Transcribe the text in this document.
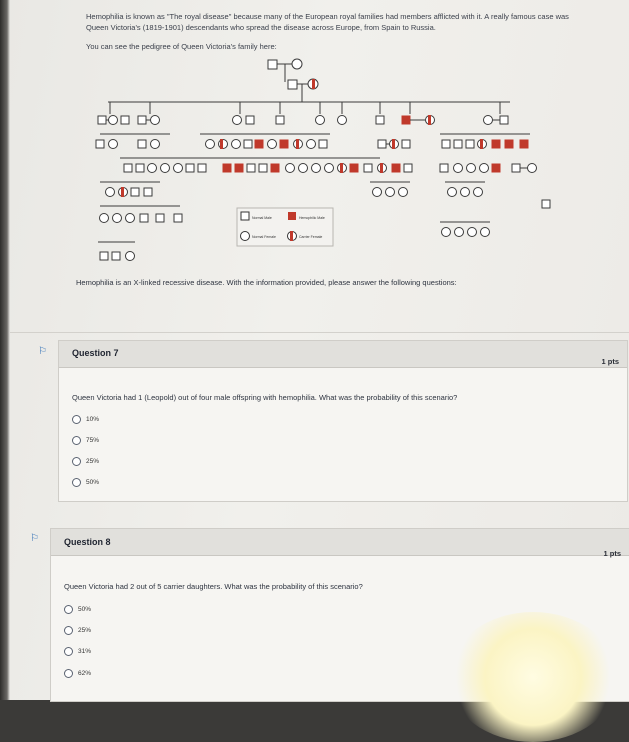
Hemophilia is known as "The royal disease" because many of the European royal families had members afflicted with it. A really famous case was Queen Victoria's (1819-1901) descendants who spread the disease across Europe, from Spain to Russia.

You can see the pedigree of Queen Victoria's family here:

Normal Male	Hemophilic Male
Normal Female	Carrier Female
Hemophilia is an X-linked recessive disease. With the information provided, please answer the following questions:
⚐	Question 7
1 pts
Queen Victoria had 1 (Leopold) out of four male offspring with hemophilia. What was the probability of this scenario?
10%
75%
25%
50%
⚐	Question 8
1 pts
Queen Victoria had 2 out of 5 carrier daughters. What was the probability of this scenario?
50%
25%
31%
62%
